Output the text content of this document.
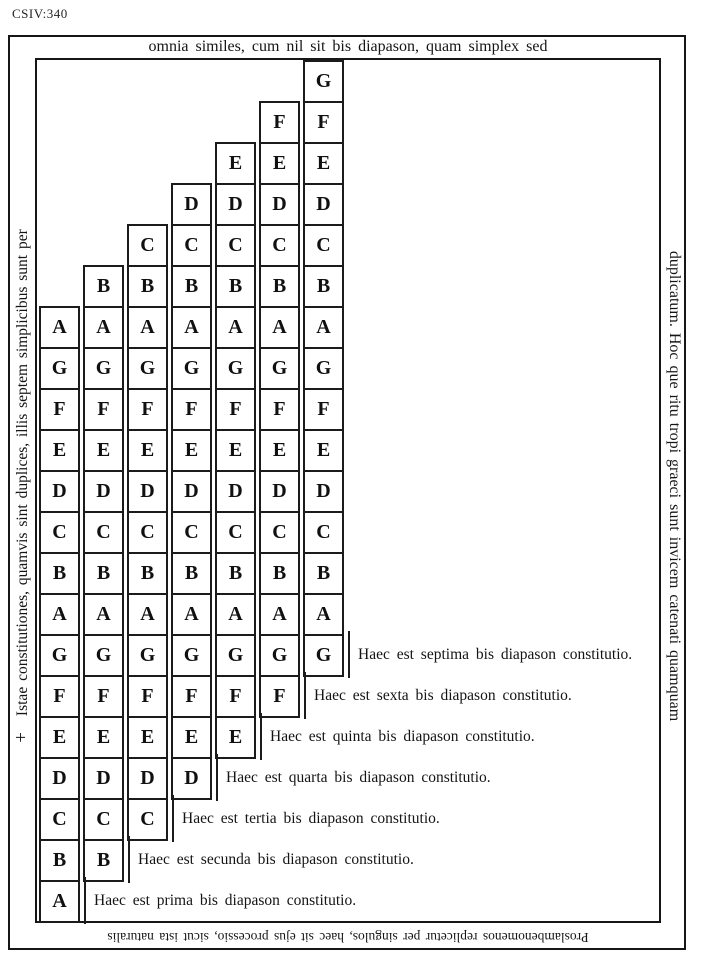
CSIV:340
omnia similes, cum nil sit bis diapason, quam simplex sed
+Istae constitutiones, quamvis sint duplices, illis septem simplicibus sunt per	duplicatum. Hoc que ritu tropi graeci sunt invicem catenati quamquam
Proslambenomenos replicetur per singulos, haec sit ejus processio, sicut ista naturalis
A
G
F
E
D
C
B
A
G
F
E
D
C
B
A
B
A
G
F
E
D
C
B
A
G
F
E
D
C
B
C
B
A
G
F
E
D
C
B
A
G
F
E
D
C
D
C
B
A
G
F
E
D
C
B
A
G
F
E
D
E
D
C
B
A
G
F
E
D
C
B
A
G
F
E
F
E
D
C
B
A
G
F
E
D
C
B
A
G
F
G
F
E
D
C
B
A
G
F
E
D
C
B
A
G
Haec est prima bis diapason constitutio.
Haec est secunda bis diapason constitutio.
Haec est tertia bis diapason constitutio.
Haec est quarta bis diapason constitutio.
Haec est quinta bis diapason constitutio.
Haec est sexta bis diapason constitutio.
Haec est septima bis diapason constitutio.
